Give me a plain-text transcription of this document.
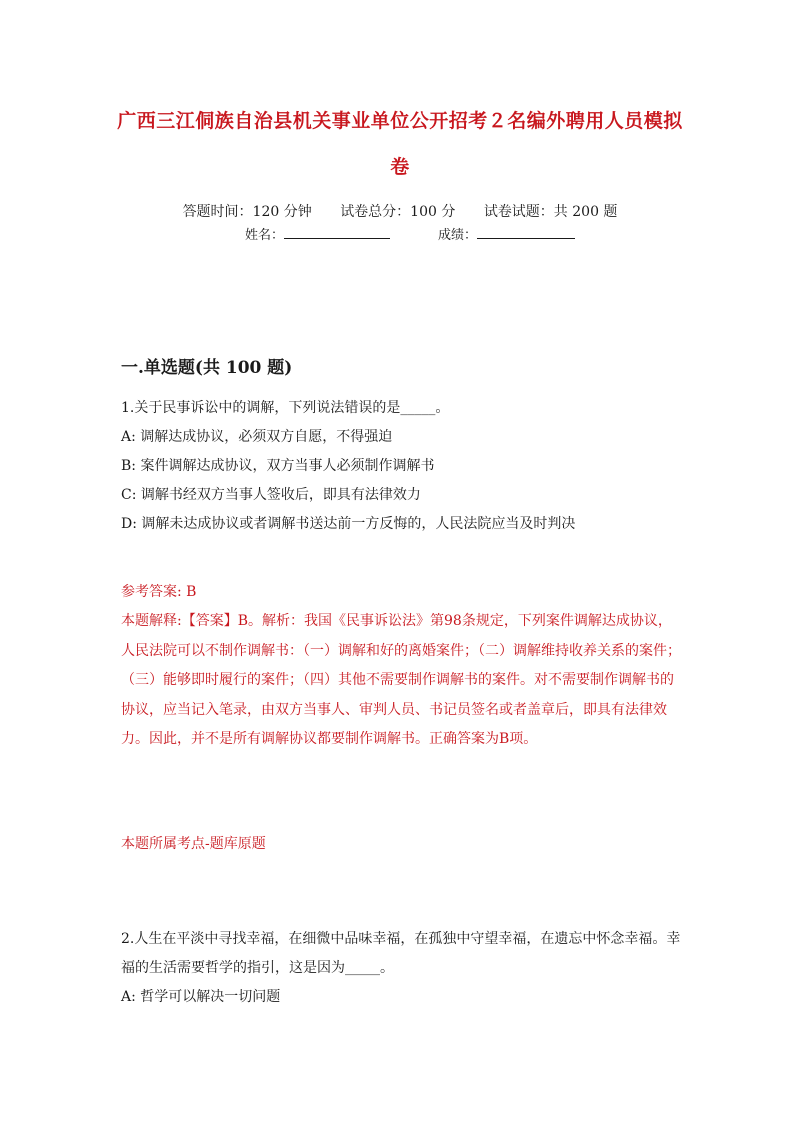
广西三江侗族自治县机关事业单位公开招考２名编外聘用人员模拟卷
答题时间：120 分钟 试卷总分：100 分 试卷试题：共 200 题
姓名：	成绩：
一.单选题(共 100 题)
1.关于民事诉讼中的调解，下列说法错误的是_____。
A: 调解达成协议，必须双方自愿，不得强迫
B: 案件调解达成协议，双方当事人必须制作调解书
C: 调解书经双方当事人签收后，即具有法律效力
D: 调解未达成协议或者调解书送达前一方反悔的，人民法院应当及时判决
参考答案: B
本题解释:【答案】B。解析：我国《民事诉讼法》第98条规定，下列案件调解达成协议，人民法院可以不制作调解书：（一）调解和好的离婚案件；（二）调解维持收养关系的案件；（三）能够即时履行的案件；（四）其他不需要制作调解书的案件。对不需要制作调解书的协议，应当记入笔录，由双方当事人、审判人员、书记员签名或者盖章后，即具有法律效力。因此，并不是所有调解协议都要制作调解书。正确答案为B项。
本题所属考点-题库原题
2.人生在平淡中寻找幸福，在细微中品味幸福，在孤独中守望幸福，在遗忘中怀念幸福。幸福的生活需要哲学的指引，这是因为_____。
A: 哲学可以解决一切问题
